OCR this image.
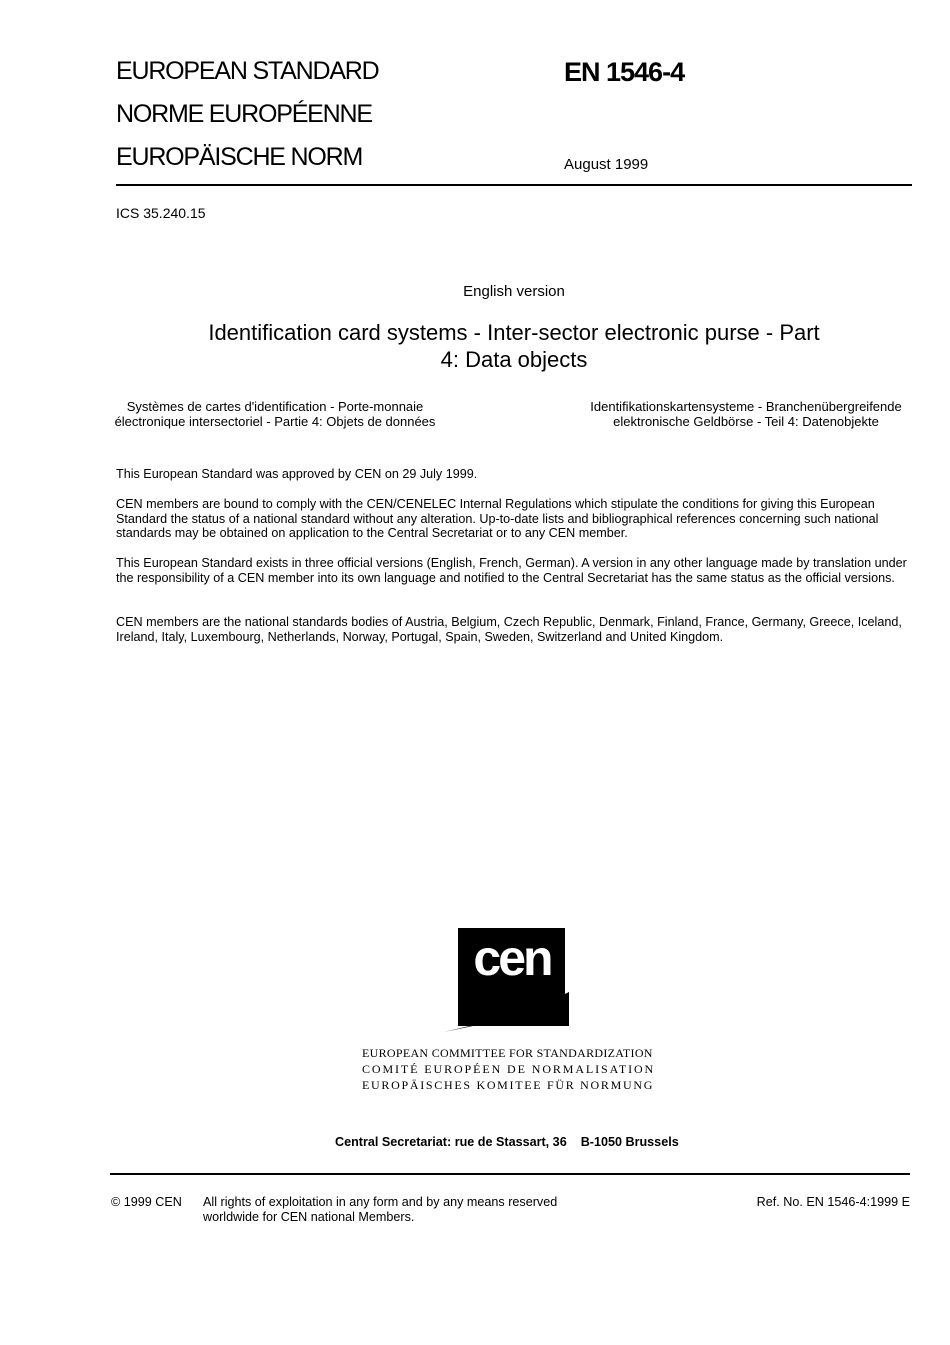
EUROPEAN STANDARD
NORME EUROPÉENNE
EUROPÄISCHE NORM
EN 1546-4
August 1999
ICS 35.240.15
English version
Identification card systems - Inter-sector electronic purse - Part
4: Data objects
Systèmes de cartes d'identification - Porte-monnaie
électronique intersectoriel - Partie 4: Objets de données
Identifikationskartensysteme - Branchenübergreifende
elektronische Geldbörse - Teil 4: Datenobjekte
This European Standard was approved by CEN on 29 July 1999.
CEN members are bound to comply with the CEN/CENELEC Internal Regulations which stipulate the conditions for giving this European Standard the status of a national standard without any alteration. Up-to-date lists and bibliographical references concerning such national standards may be obtained on application to the Central Secretariat or to any CEN member.
This European Standard exists in three official versions (English, French, German). A version in any other language made by translation under the responsibility of a CEN member into its own language and notified to the Central Secretariat has the same status as the official versions.
CEN members are the national standards bodies of Austria, Belgium, Czech Republic, Denmark, Finland, France, Germany, Greece, Iceland, Ireland, Italy, Luxembourg, Netherlands, Norway, Portugal, Spain, Sweden, Switzerland and United Kingdom.
cen
EUROPEAN COMMITTEE FOR STANDARDIZATION
COMITÉ EUROPÉEN DE NORMALISATION
EUROPÄISCHES KOMITEE FÜR NORMUNG
Central Secretariat: rue de Stassart, 36    B-1050 Brussels
© 1999 CEN All rights of exploitation in any form and by any means reserved
worldwide for CEN national Members.
Ref. No. EN 1546-4:1999 E
